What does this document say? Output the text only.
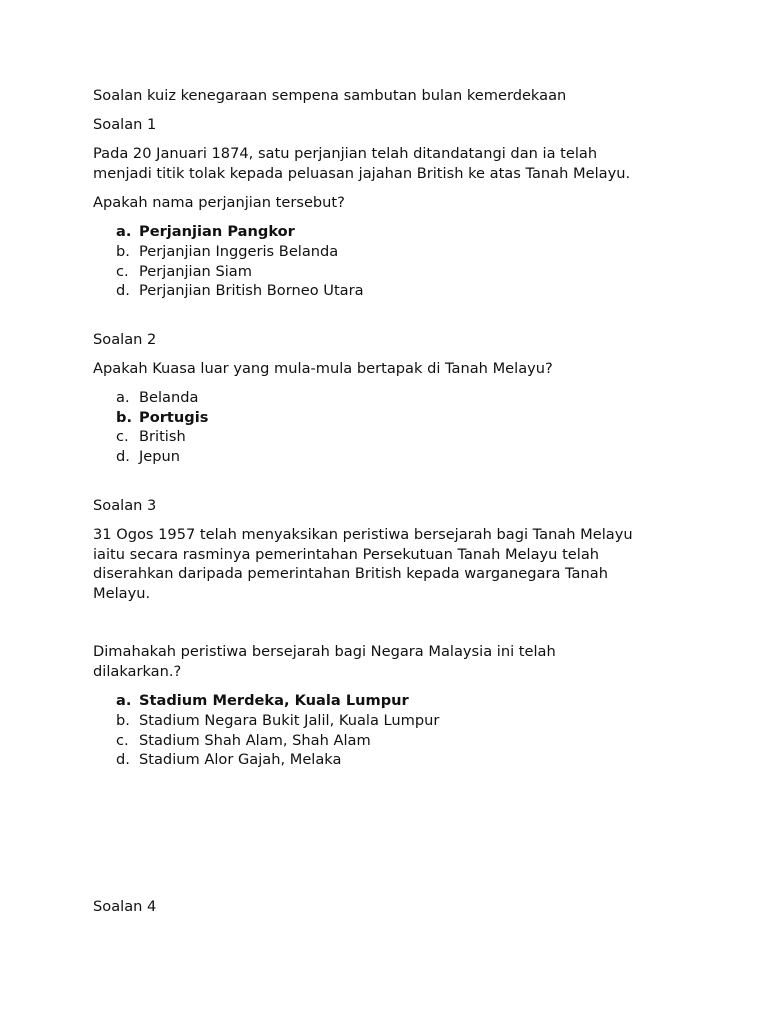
Soalan kuiz kenegaraan sempena sambutan bulan kemerdekaan
Soalan 1
Pada 20 Januari 1874, satu perjanjian telah ditandatangi dan ia telah
menjadi titik tolak kepada peluasan jajahan British ke atas Tanah Melayu.
Apakah nama perjanjian tersebut?
a. Perjanjian Pangkor
b. Perjanjian Inggeris Belanda
c. Perjanjian Siam
d. Perjanjian British Borneo Utara
Soalan 2
Apakah Kuasa luar yang mula-mula bertapak di Tanah Melayu?
a. Belanda
b. Portugis
c. British
d. Jepun
Soalan 3
31 Ogos 1957 telah menyaksikan peristiwa bersejarah bagi Tanah Melayu
iaitu secara rasminya pemerintahan Persekutuan Tanah Melayu telah
diserahkan daripada pemerintahan British kepada warganegara Tanah
Melayu.
Dimahakah peristiwa bersejarah bagi Negara Malaysia ini telah
dilakarkan.?
a. Stadium Merdeka, Kuala Lumpur
b. Stadium Negara Bukit Jalil, Kuala Lumpur
c. Stadium Shah Alam, Shah Alam
d. Stadium Alor Gajah, Melaka
Soalan 4
